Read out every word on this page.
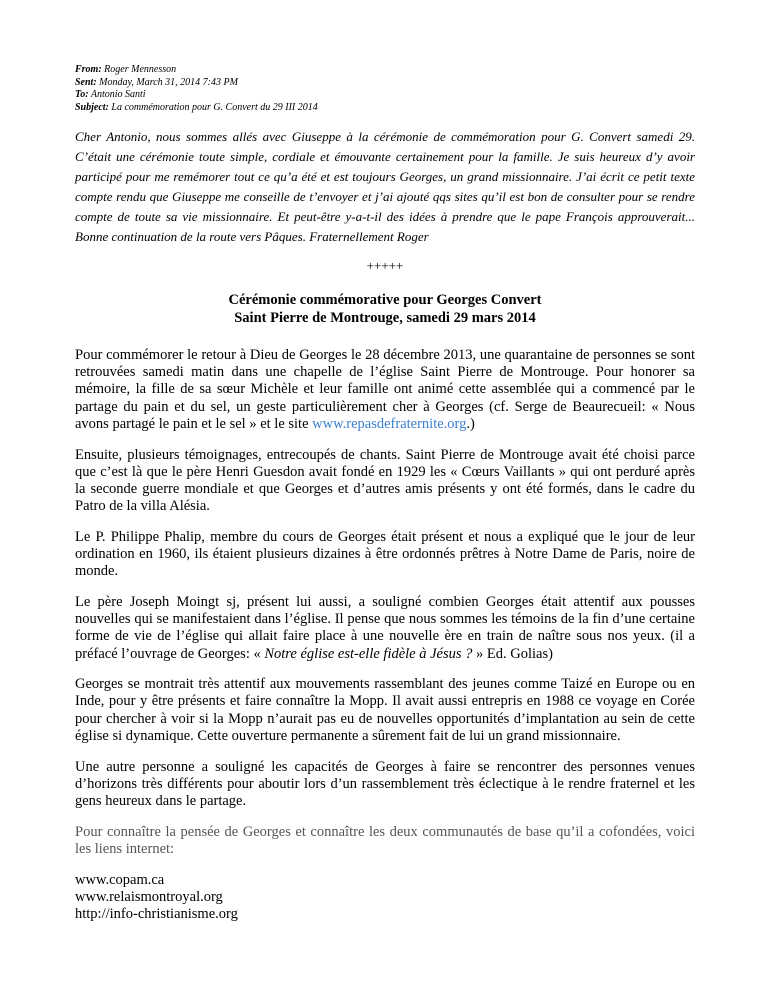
From: Roger Mennesson
Sent: Monday, March 31, 2014 7:43 PM
To: Antonio Santi
Subject: La commémoration pour G. Convert du 29 III 2014
Cher Antonio, nous sommes allés avec Giuseppe à la cérémonie de commémoration pour G. Convert samedi 29. C’était une cérémonie toute simple, cordiale et émouvante certainement pour la famille. Je suis heureux d’y avoir participé pour me remémorer tout ce qu’a été et est toujours Georges, un grand missionnaire. J’ai écrit ce petit texte compte rendu que Giuseppe me conseille de t’envoyer et j’ai ajouté qqs sites qu’il est bon de consulter pour se rendre compte de toute sa vie missionnaire. Et peut-être y-a-t-il des idées à prendre que le pape François approuverait... Bonne continuation de la route vers Pâques. Fraternellement Roger
+++++
Cérémonie commémorative pour Georges Convert
Saint Pierre de Montrouge, samedi 29 mars 2014

Pour commémorer le retour à Dieu de Georges le 28 décembre 2013, une quarantaine de personnes se sont retrouvées samedi matin dans une chapelle de l’église Saint Pierre de Montrouge. Pour honorer sa mémoire, la fille de sa sœur Michèle et leur famille ont animé cette assemblée qui a commencé par le partage du pain et du sel, un geste particulièrement cher à Georges (cf. Serge de Beaurecueil: « Nous avons partagé le pain et le sel » et le site www.repasdefraternite.org.)

Ensuite, plusieurs témoignages, entrecoupés de chants. Saint Pierre de Montrouge avait été choisi parce que c’est là que le père Henri Guesdon avait fondé en 1929 les « Cœurs Vaillants » qui ont perduré après la seconde guerre mondiale et que Georges et d’autres amis présents y ont été formés, dans le cadre du Patro de la villa Alésia.

Le P. Philippe Phalip, membre du cours de Georges était présent et nous a expliqué que le jour de leur ordination en 1960, ils étaient plusieurs dizaines à être ordonnés prêtres à Notre Dame de Paris, noire de monde.

Le père Joseph Moingt sj, présent lui aussi, a souligné combien Georges était attentif aux pousses nouvelles qui se manifestaient dans l’église. Il pense que nous sommes les témoins de la fin d’une certaine forme de vie de l’église qui allait faire place à une nouvelle ère en train de naître sous nos yeux. (il a préfacé l’ouvrage de Georges: « Notre église est-elle fidèle à Jésus ? » Ed. Golias)

Georges se montrait très attentif aux mouvements rassemblant des jeunes comme Taizé en Europe ou en Inde, pour y être présents et faire connaître la Mopp. Il avait aussi entrepris en 1988 ce voyage en Corée pour chercher à voir si la Mopp n’aurait pas eu de nouvelles opportunités d’implantation au sein de cette église si dynamique. Cette ouverture permanente a sûrement fait de lui un grand missionnaire.

Une autre personne a souligné les capacités de Georges à faire se rencontrer des personnes venues d’horizons très différents pour aboutir lors d’un rassemblement très éclectique à le rendre fraternel et les gens heureux dans le partage.

Pour connaître la pensée de Georges et connaître les deux communautés de base qu’il a cofondées, voici les liens internet:

www.copam.ca
www.relaismontroyal.org
http://info-christianisme.org
